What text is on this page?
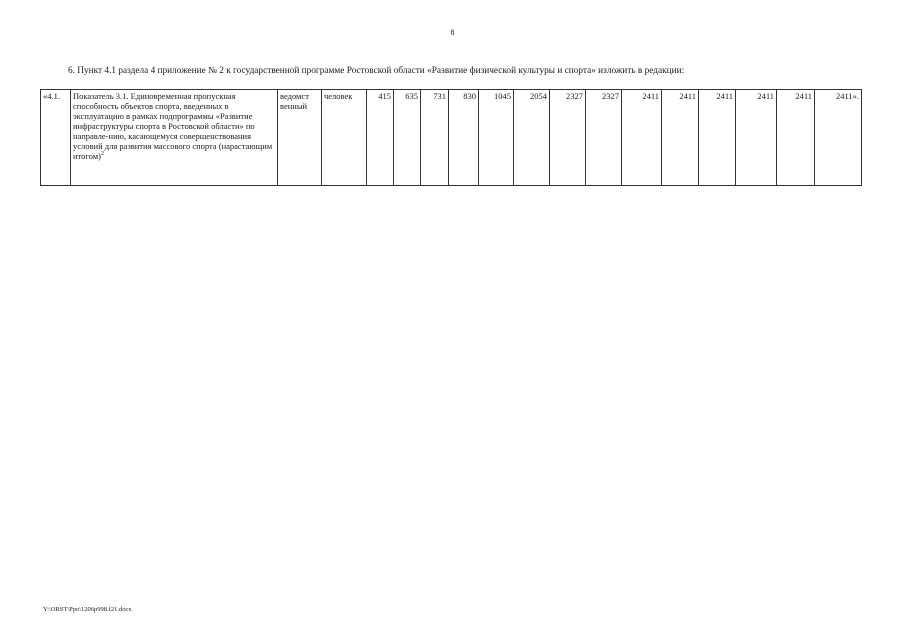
8
6. Пункт 4.1 раздела 4 приложение № 2 к государственной программе Ростовской области «Развитие физической культуры и спорта» изложить в редакции:
«4.1.	Показатель 3.1. Единовременная пропускная способность объектов спорта, введенных в эксплуатацию в рамках подпрограммы «Развитие инфраструктуры спорта в Ростовской области» по направле-нию, касающемуся совершенствования условий для развития массового спорта (нарастающим итогом)$^2$	ведомст венный	человек	415	635	731	830	1045	2054	2327	2327	2411	2411	2411	2411	2411	2411».
Y:\ORST\Ppo\1206p998.f21.docx
